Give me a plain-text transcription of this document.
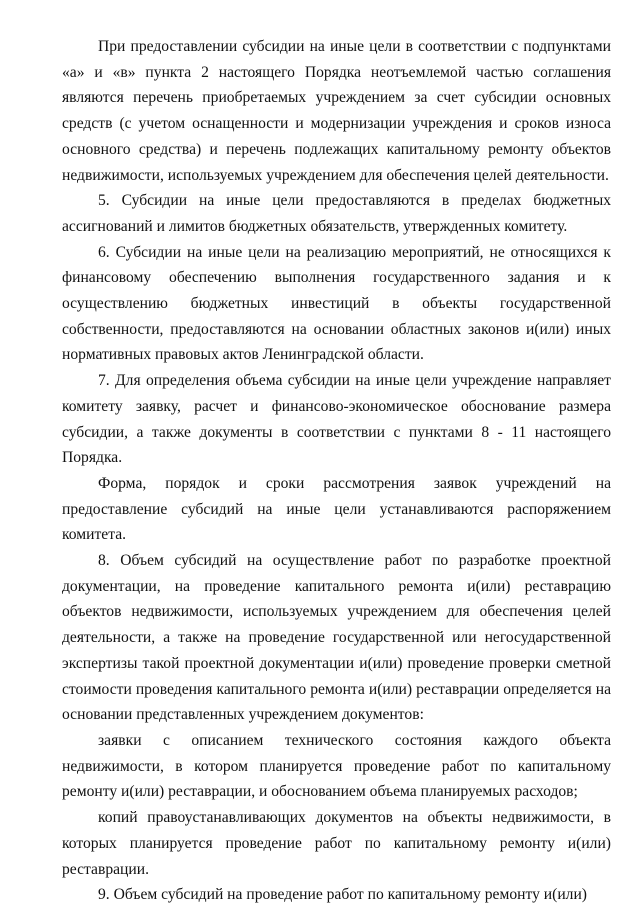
При предоставлении субсидии на иные цели в соответствии с подпунктами «а» и «в» пункта 2 настоящего Порядка неотъемлемой частью соглашения являются перечень приобретаемых учреждением за счет субсидии основных средств (с учетом оснащенности и модернизации учреждения и сроков износа основного средства) и перечень подлежащих капитальному ремонту объектов недвижимости, используемых учреждением для обеспечения целей деятельности.

5. Субсидии на иные цели предоставляются в пределах бюджетных ассигнований и лимитов бюджетных обязательств, утвержденных комитету.

6. Субсидии на иные цели на реализацию мероприятий, не относящихся к финансовому обеспечению выполнения государственного задания и к осуществлению бюджетных инвестиций в объекты государственной собственности, предоставляются на основании областных законов и(или) иных нормативных правовых актов Ленинградской области.

7. Для определения объема субсидии на иные цели учреждение направляет комитету заявку, расчет и финансово-экономическое обоснование размера субсидии, а также документы в соответствии с пунктами 8 - 11 настоящего Порядка.

Форма, порядок и сроки рассмотрения заявок учреждений на предоставление субсидий на иные цели устанавливаются распоряжением комитета.

8. Объем субсидий на осуществление работ по разработке проектной документации, на проведение капитального ремонта и(или) реставрацию объектов недвижимости, используемых учреждением для обеспечения целей деятельности, а также на проведение государственной или негосударственной экспертизы такой проектной документации и(или) проведение проверки сметной стоимости проведения капитального ремонта и(или) реставрации определяется на основании представленных учреждением документов:

заявки с описанием технического состояния каждого объекта недвижимости, в котором планируется проведение работ по капитальному ремонту и(или) реставрации, и обоснованием объема планируемых расходов;

копий правоустанавливающих документов на объекты недвижимости, в которых планируется проведение работ по капитальному ремонту и(или) реставрации.

9. Объем субсидий на проведение работ по капитальному ремонту и(или)
